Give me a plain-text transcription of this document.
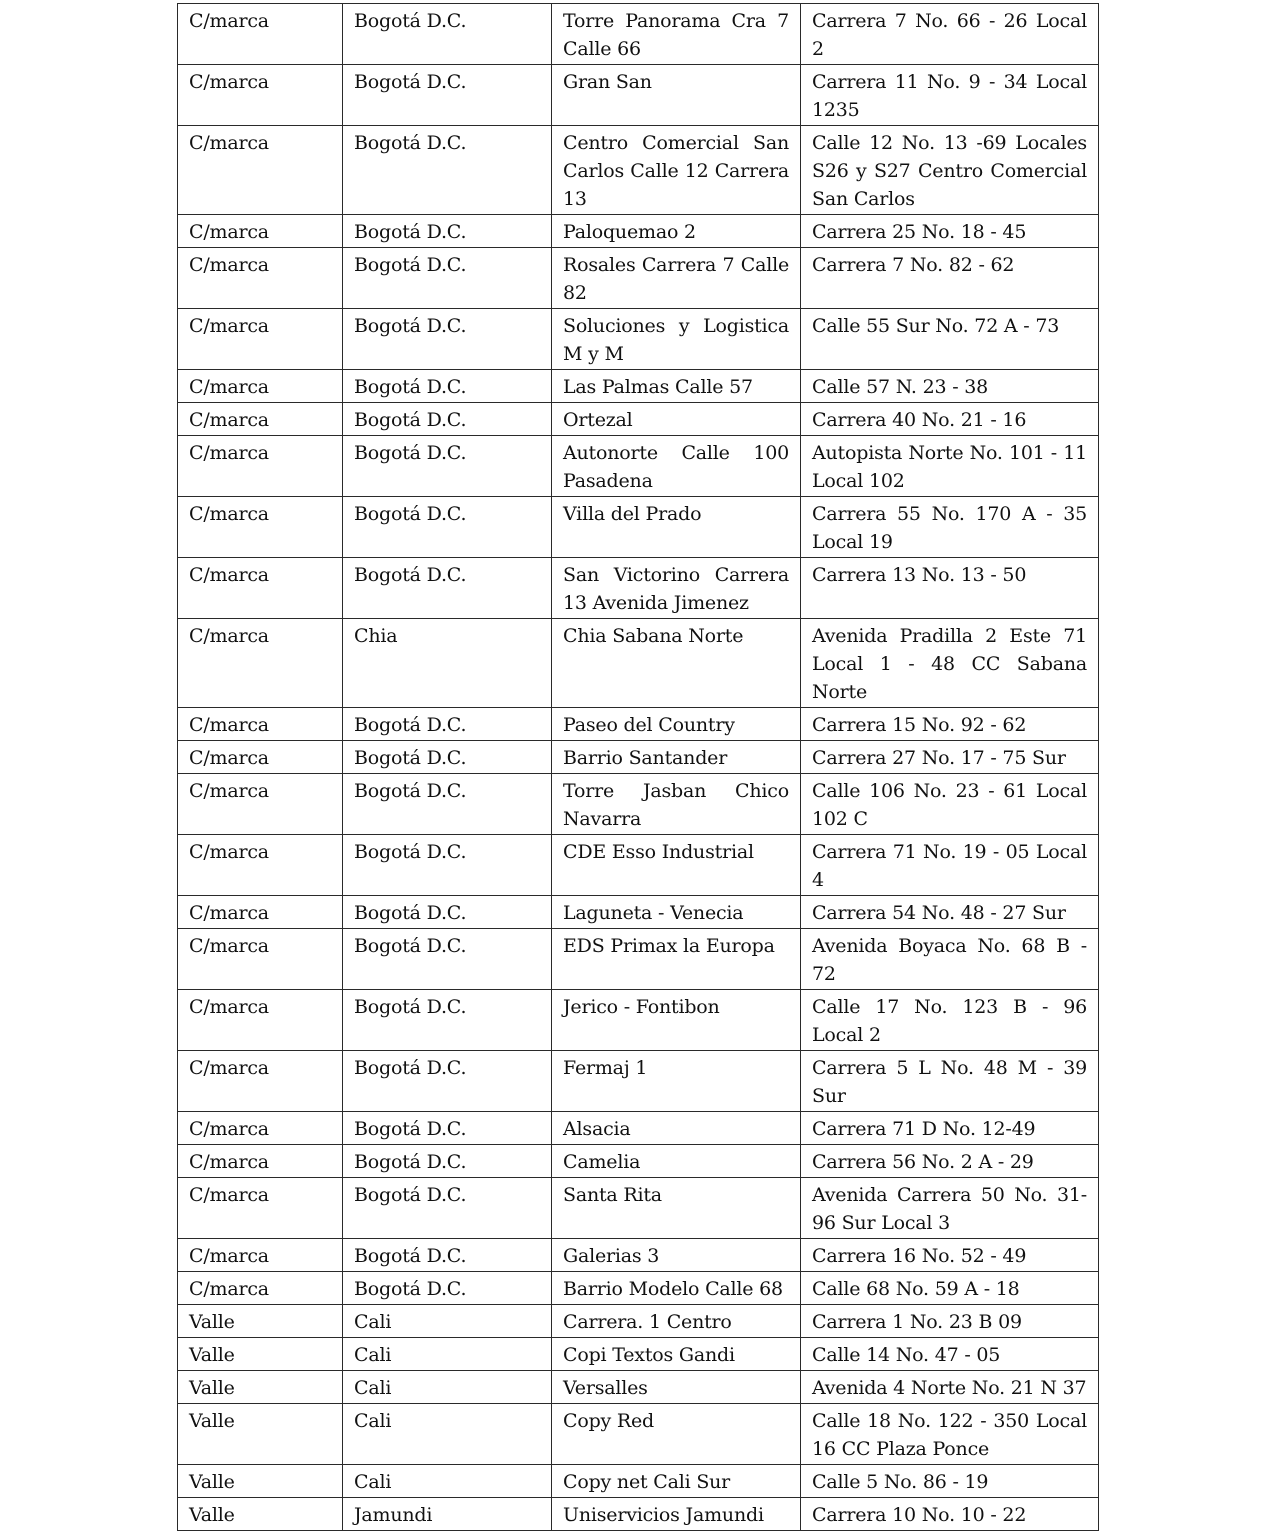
C/marca	Bogotá D.C.	Torre Panorama Cra 7 Calle 66	Carrera 7 No. 66 - 26 Local 2
C/marca	Bogotá D.C.	Gran San	Carrera 11 No. 9 - 34 Local 1235
C/marca	Bogotá D.C.	Centro Comercial San Carlos Calle 12 Carrera 13	Calle 12 No. 13 -69 Locales S26 y S27 Centro Comercial San Carlos
C/marca	Bogotá D.C.	Paloquemao 2	Carrera 25 No. 18 - 45
C/marca	Bogotá D.C.	Rosales Carrera 7 Calle 82	Carrera 7 No. 82 - 62
C/marca	Bogotá D.C.	Soluciones y Logistica M y M	Calle 55 Sur No. 72 A - 73
C/marca	Bogotá D.C.	Las Palmas Calle 57	Calle 57 N. 23 - 38
C/marca	Bogotá D.C.	Ortezal	Carrera 40 No. 21 - 16
C/marca	Bogotá D.C.	Autonorte Calle 100 Pasadena	Autopista Norte No. 101 - 11 Local 102
C/marca	Bogotá D.C.	Villa del Prado	Carrera 55 No. 170 A - 35 Local 19
C/marca	Bogotá D.C.	San Victorino Carrera 13 Avenida Jimenez	Carrera 13 No. 13 - 50
C/marca	Chia	Chia Sabana Norte	Avenida Pradilla 2 Este 71 Local 1 - 48 CC Sabana Norte
C/marca	Bogotá D.C.	Paseo del Country	Carrera 15 No. 92 - 62
C/marca	Bogotá D.C.	Barrio Santander	Carrera 27 No. 17 - 75 Sur
C/marca	Bogotá D.C.	Torre Jasban Chico Navarra	Calle 106 No. 23 - 61 Local 102 C
C/marca	Bogotá D.C.	CDE Esso Industrial	Carrera 71 No. 19 - 05 Local 4
C/marca	Bogotá D.C.	Laguneta - Venecia	Carrera 54 No. 48 - 27 Sur
C/marca	Bogotá D.C.	EDS Primax la Europa	Avenida Boyaca No. 68 B - 72
C/marca	Bogotá D.C.	Jerico - Fontibon	Calle 17 No. 123 B - 96 Local 2
C/marca	Bogotá D.C.	Fermaj 1	Carrera 5 L No. 48 M - 39 Sur
C/marca	Bogotá D.C.	Alsacia	Carrera 71 D No. 12-49
C/marca	Bogotá D.C.	Camelia	Carrera 56 No. 2 A - 29
C/marca	Bogotá D.C.	Santa Rita	Avenida Carrera 50 No. 31-96 Sur Local 3
C/marca	Bogotá D.C.	Galerias 3	Carrera 16 No. 52 - 49
C/marca	Bogotá D.C.	Barrio Modelo Calle 68	Calle 68 No. 59 A - 18
Valle	Cali	Carrera. 1 Centro	Carrera 1 No. 23 B 09
Valle	Cali	Copi Textos Gandi	Calle 14 No. 47 - 05
Valle	Cali	Versalles	Avenida 4 Norte No. 21 N 37
Valle	Cali	Copy Red	Calle 18 No. 122 - 350 Local 16 CC Plaza Ponce
Valle	Cali	Copy net Cali Sur	Calle 5 No. 86 - 19
Valle	Jamundi	Uniservicios Jamundi	Carrera 10 No. 10 - 22
